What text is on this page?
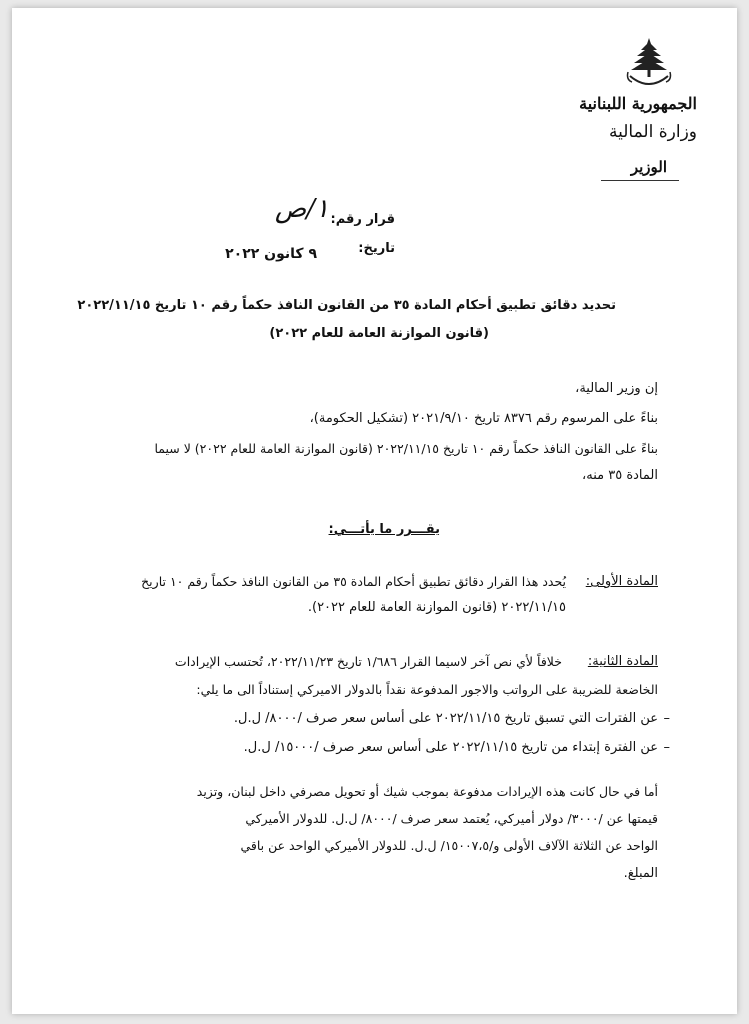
الجمهورية اللبنانية
وزارة المالية
الوزير
قرار رقم:
١/ص
تاريخ:
٩ كانون ٢٠٢٢
تحديد دقائق تطبيق أحكام المادة ٣٥ من القانون النافذ حكماً رقم ١٠ تاريخ ٢٠٢٢/١١/١٥
(قانون الموازنة العامة للعام ٢٠٢٢)
إن وزير المالية،
بناءً على المرسوم رقم ٨٣٧٦ تاريخ ٢٠٢١/٩/١٠ (تشكيل الحكومة)،
بناءً على القانون النافذ حكماً رقم ١٠ تاريخ ٢٠٢٢/١١/١٥ (قانون الموازنة العامة للعام ٢٠٢٢) لا سيما
المادة ٣٥ منه،
يقـــرر ما يأتـــي:
المادة الأولى:
يُحدد هذا القرار دقائق تطبيق أحكام المادة ٣٥ من القانون النافذ حكماً رقم ١٠ تاريخ
٢٠٢٢/١١/١٥ (قانون الموازنة العامة للعام ٢٠٢٢).
المادة الثانية:
خلافاً لأي نص آخر لاسيما القرار ١/٦٨٦ تاريخ ٢٠٢٢/١١/٢٣، تُحتسب الإيرادات
الخاضعة للضريبة على الرواتب والاجور المدفوعة نقداً بالدولار الاميركي إستناداً الى ما يلي:
–
عن الفترات التي تسبق تاريخ ٢٠٢٢/١١/١٥ على أساس سعر صرف /٨٠٠٠/ ل.ل.
–
عن الفترة إبتداء من تاريخ ٢٠٢٢/١١/١٥ على أساس سعر صرف /١٥٠٠٠/ ل.ل.
أما في حال كانت هذه الإيرادات مدفوعة بموجب شيك أو تحويل مصرفي داخل لبنان، وتزيد
قيمتها عن /٣٠٠٠/ دولار أميركي، يُعتمد سعر صرف /٨٠٠٠/ ل.ل. للدولار الأميركي
الواحد عن الثلاثة الآلاف الأولى و/١٥٠٠٧،٥/ ل.ل. للدولار الأميركي الواحد عن باقي
المبلغ.
